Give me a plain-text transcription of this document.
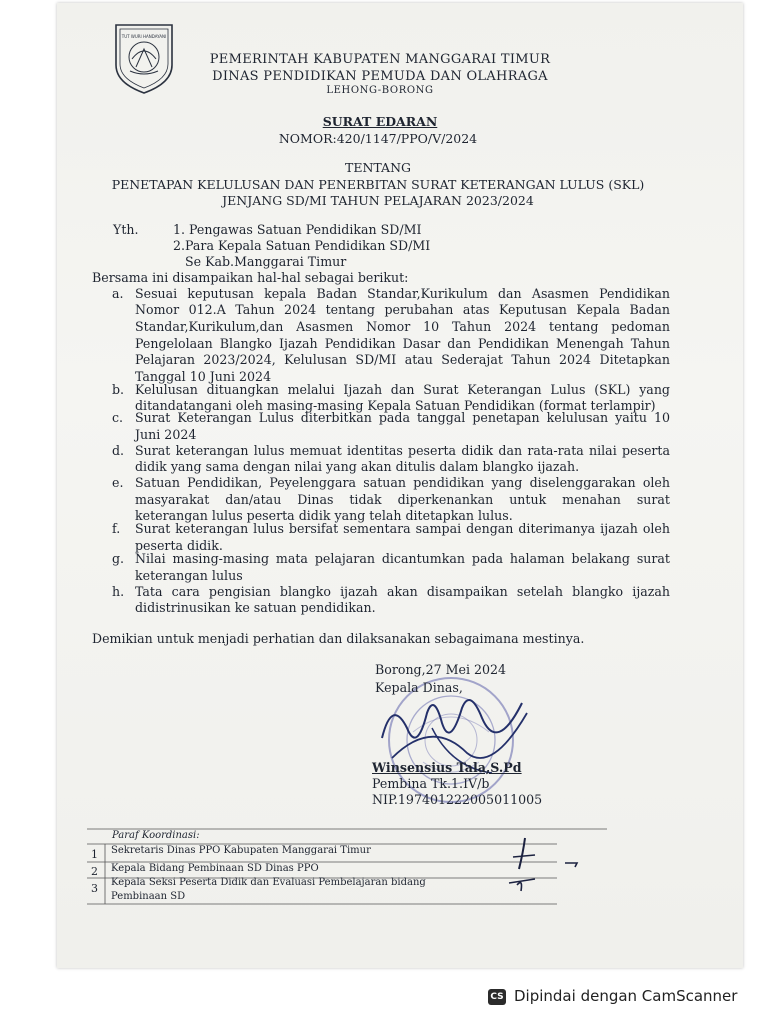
TUT WURI HANDAYANI
PEMERINTAH KABUPATEN MANGGARAI TIMUR
DINAS PENDIDIKAN PEMUDA DAN OLAHRAGA
LEHONG-BORONG
SURAT EDARAN
NOMOR:420/1147/PPO/V/2024
TENTANG
PENETAPAN KELULUSAN DAN PENERBITAN SURAT KETERANGAN LULUS (SKL)
JENJANG SD/MI TAHUN PELAJARAN 2023/2024
Yth.	1. Pengawas Satuan Pendidikan SD/MI
2.Para Kepala Satuan Pendidikan SD/MI
Se Kab.Manggarai Timur
Bersama ini disampaikan hal-hal sebagai berikut:
a. Sesuai keputusan kepala Badan Standar,Kurikulum dan Asasmen Pendidikan
Nomor 012.A Tahun 2024 tentang perubahan atas Keputusan Kepala Badan
Standar,Kurikulum,dan Asasmen Nomor 10 Tahun 2024 tentang pedoman
Pengelolaan Blangko Ijazah Pendidikan Dasar dan Pendidikan Menengah Tahun
Pelajaran 2023/2024, Kelulusan SD/MI atau Sederajat Tahun 2024 Ditetapkan
Tanggal 10 Juni 2024
b. Kelulusan dituangkan melalui Ijazah dan Surat Keterangan Lulus (SKL) yang
ditandatangani oleh masing-masing Kepala Satuan Pendidikan (format terlampir)
c. Surat Keterangan Lulus diterbitkan pada tanggal penetapan kelulusan yaitu 10
Juni 2024
d. Surat keterangan lulus memuat identitas peserta didik dan rata-rata nilai peserta
didik yang sama dengan nilai yang akan ditulis dalam blangko ijazah.
e. Satuan Pendidikan, Peyelenggara satuan pendidikan yang diselenggarakan oleh
masyarakat dan/atau Dinas tidak diperkenankan untuk menahan surat
keterangan lulus peserta didik yang telah ditetapkan lulus.
f. Surat keterangan lulus bersifat sementara sampai dengan diterimanya ijazah oleh
peserta didik.
g. Nilai masing-masing mata pelajaran dicantumkan pada halaman belakang surat
keterangan lulus
h. Tata cara pengisian blangko ijazah akan disampaikan setelah blangko ijazah
didistrinusikan ke satuan pendidikan.
Demikian untuk menjadi perhatian dan dilaksanakan sebagaimana mestinya.
Borong,27 Mei 2024
Kepala Dinas,
Winsensius Tala,S.Pd
Pembina Tk.1.IV/b
NIP.197401222005011005
Paraf Koordinasi:
1 Sekretaris Dinas PPO Kabupaten Manggarai Timur
2 Kepala Bidang Pembinaan SD Dinas PPO
3 Kepala Seksi Peserta Didik dan Evaluasi Pembelajaran bidang
Pembinaan SD
CS Dipindai dengan CamScanner
